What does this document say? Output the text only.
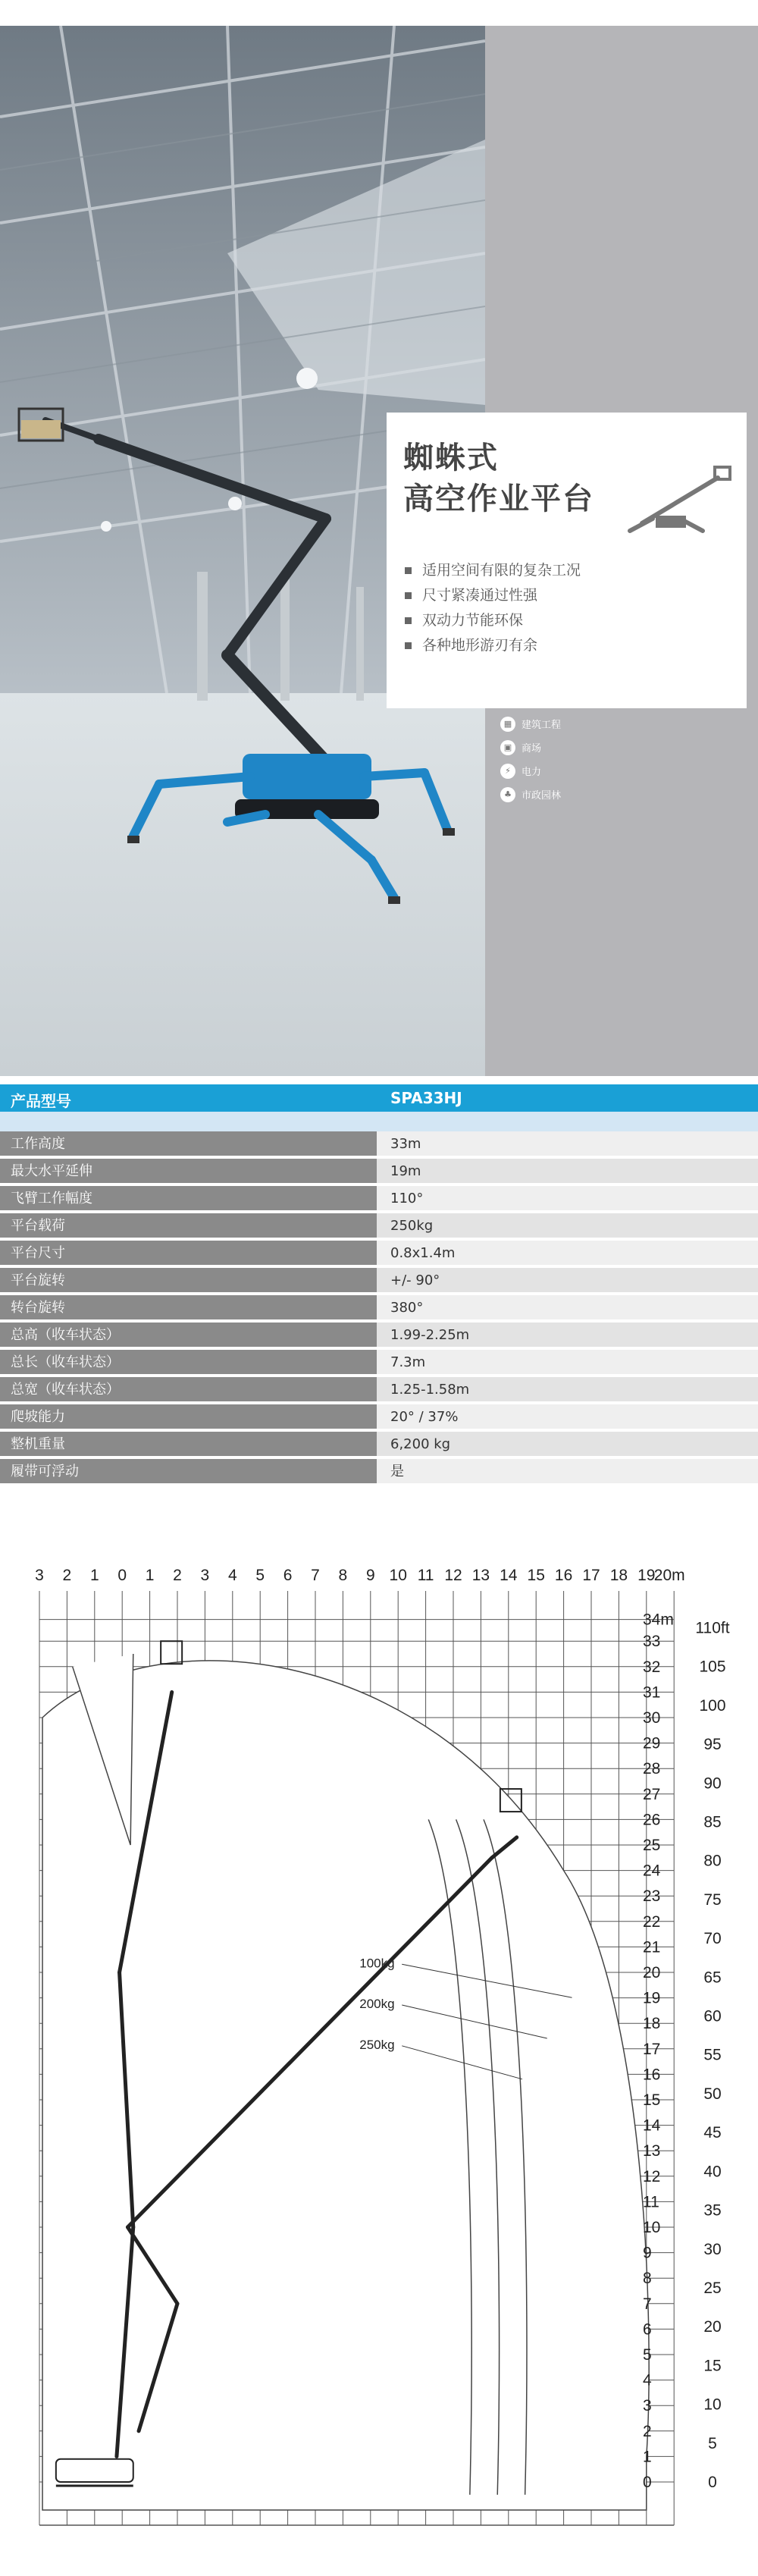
蜘蛛式
高空作业平台
适用空间有限的复杂工况
尺寸紧凑通过性强
双动力节能环保
各种地形游刃有余
▦ 建筑工程
▣ 商场
⚡	电力
♣	市政园林
产品型号	SPA33HJ
工作高度	33m
最大水平延伸	19m
飞臂工作幅度	110°
平台载荷	250kg
平台尺寸	0.8x1.4m
平台旋转	+/- 90°
转台旋转	380°
总高（收车状态）	1.99-2.25m
总长（收车状态）	7.3m
总宽（收车状态）	1.25-1.58m
爬坡能力	20° / 37%
整机重量	6,200 kg
履带可浮动	是
3 2 1 0 1 2 3 4 5 6 7 8 9 10 11 12 13 14 15 16 17 18 19
20m
100kg
200kg
250kg
34m
33
32
31
30
29
28
27
26
25
24
23
22
21
20
19
18
17
16
15
14
13
12
11
10
9
8
7
6
5
4
3
2
1
0
110ft
105
100
95
90
85
80
75
70
65
60
55
50
45
40
35
30
25
20
15
10
5
0
